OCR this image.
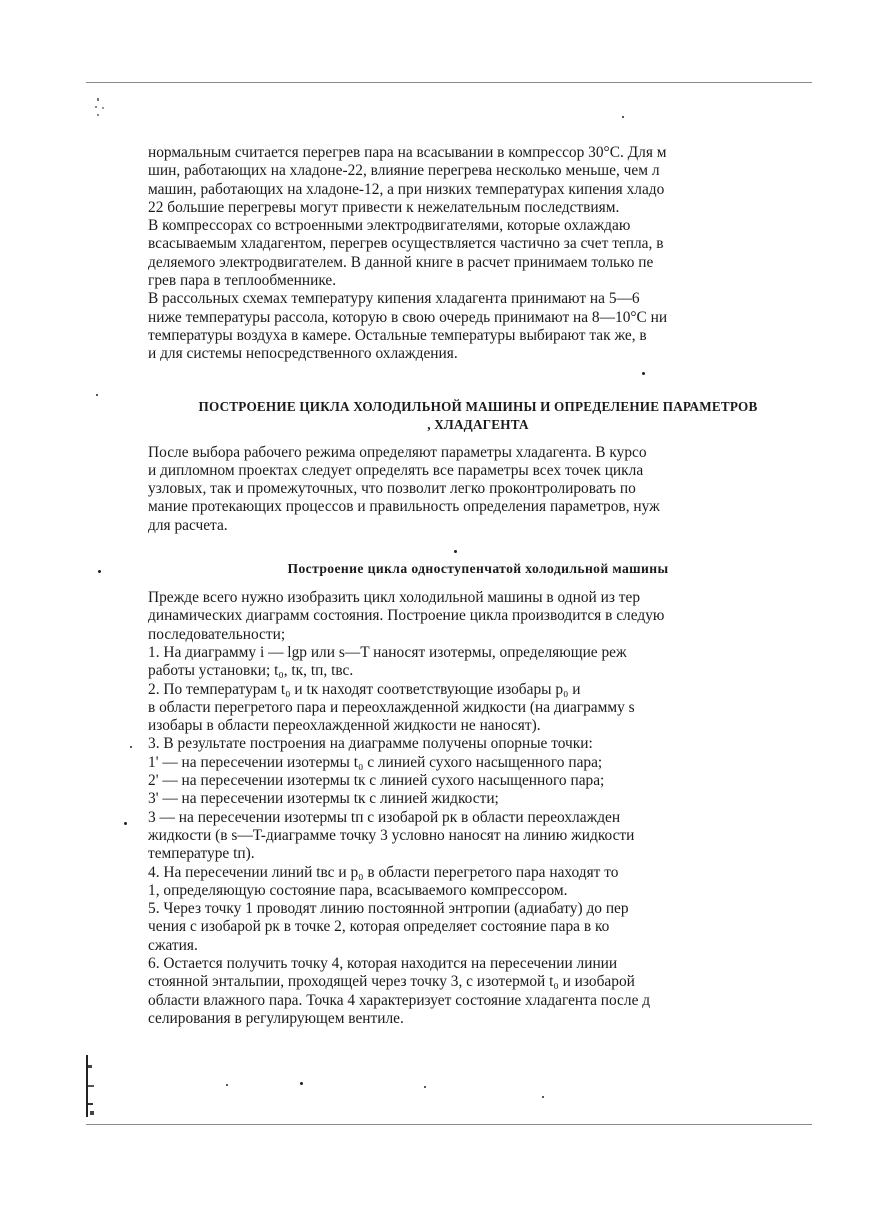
нормальным считается перегрев пара на всасывании в компрессор 30°C. Для м
шин, работающих на хладоне-22, влияние перегрева несколько меньше, чем л
машин, работающих на хладоне-12, а при низких температурах кипения хладо
22 большие перегревы могут привести к нежелательным последствиям.

В компрессорах со встроенными электродвигателями, которые охлаждаю
всасываемым хладагентом, перегрев осуществляется частично за счет тепла, в
деляемого электродвигателем. В данной книге в расчет принимаем только пе
грев пара в теплообменнике.

В рассольных схемах температуру кипения хладагента принимают на 5—6
ниже температуры рассола, которую в свою очередь принимают на 8—10°C ни
температуры воздуха в камере. Остальные температуры выбирают так же, в
и для системы непосредственного охлаждения.

ПОСТРОЕНИЕ ЦИКЛА ХОЛОДИЛЬНОЙ МАШИНЫ И ОПРЕДЕЛЕНИЕ ПАРАМЕТРОВ
, ХЛАДАГЕНТА

После выбора рабочего режима определяют параметры хладагента. В курсо
и дипломном проектах следует определять все параметры всех точек цикла
узловых, так и промежуточных, что позволит легко проконтролировать по
мание протекающих процессов и правильность определения параметров, нуж
для расчета.

Построение цикла одноступенчатой холодильной машины

Прежде всего нужно изобразить цикл холодильной машины в одной из тер
динамических диаграмм состояния. Построение цикла производится в следую
последовательности;

1. На диаграмму i — lgp или s—T наносят изотермы, определяющие реж
работы установки; t₀, tк, tп, tвс.

2. По температурам t₀ и tк находят соответствующие изобары p₀ и
в области перегретого пара и переохлажденной жидкости (на диаграмму s
изобары в области переохлажденной жидкости не наносят).

3. В результате построения на диаграмме получены опорные точки:

1' — на пересечении изотермы t₀ с линией сухого насыщенного пара;

2' — на пересечении изотермы tк с линией сухого насыщенного пара;

3' — на пересечении изотермы tк с линией жидкости;

3 — на пересечении изотермы tп с изобарой pк в области переохлажден
жидкости (в s—T-диаграмме точку 3 условно наносят на линию жидкости
температуре tп).

4. На пересечении линий tвс и p₀ в области перегретого пара находят то
1, определяющую состояние пара, всасываемого компрессором.

5. Через точку 1 проводят линию постоянной энтропии (адиабату) до пер
чения с изобарой pк в точке 2, которая определяет состояние пара в ко
сжатия.

6. Остается получить точку 4, которая находится на пересечении линии
стоянной энтальпии, проходящей через точку 3, с изотермой t₀ и изобарой
области влажного пара. Точка 4 характеризует состояние хладагента после д
селирования в регулирующем вентиле.
